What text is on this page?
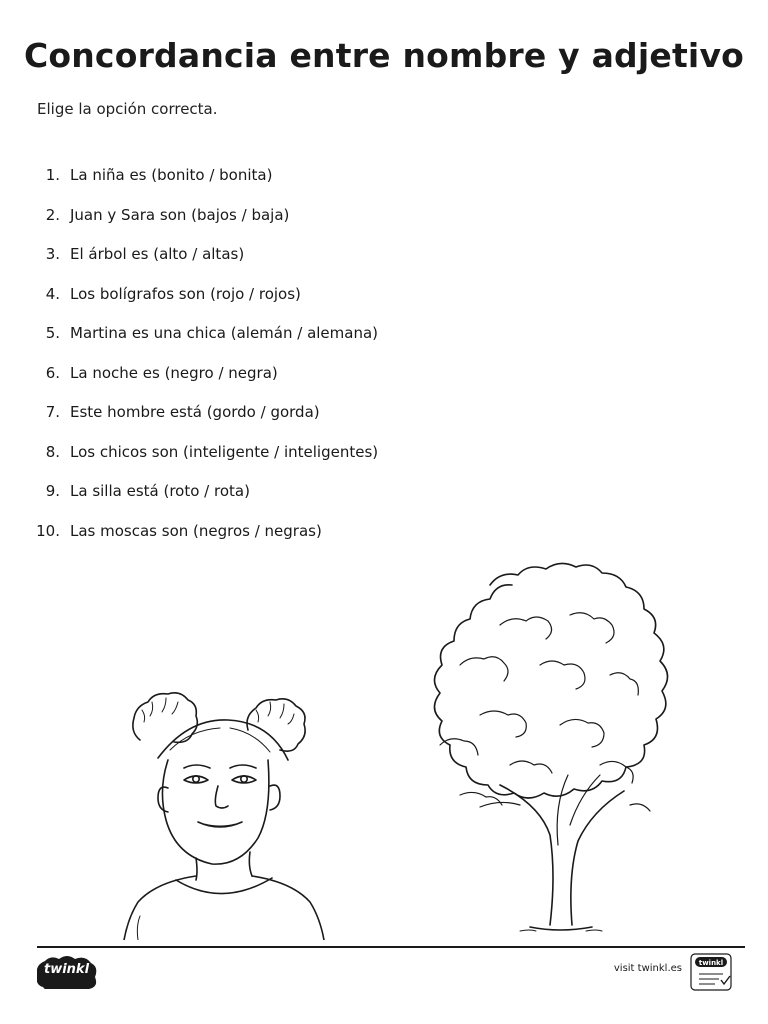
Concordancia entre nombre y adjetivo
Elige la opción correcta.
1. La niña es (bonito / bonita)
2. Juan y Sara son (bajos / baja)
3. El árbol es (alto / altas)
4. Los bolígrafos son (rojo / rojos)
5. Martina es una chica (alemán / alemana)
6. La noche es (negro / negra)
7. Este hombre está (gordo / gorda)
8. Los chicos son (inteligente / inteligentes)
9. La silla está (roto / rota)
10. Las moscas son (negros / negras)
twinkl	visit twinkl.es twinkl
